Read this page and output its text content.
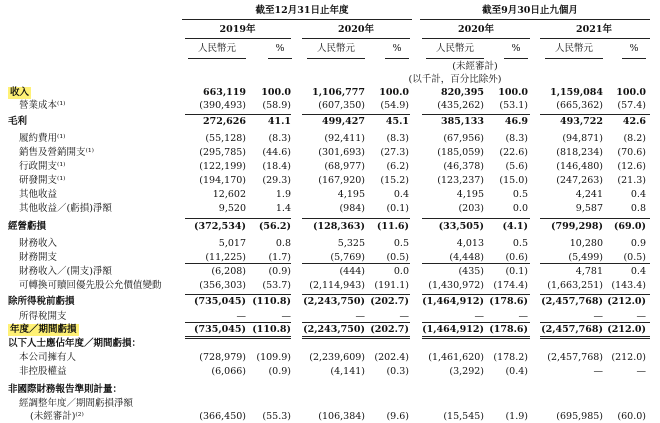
截至12月31日止年度	截至9月30日止九個月
2019年	2020年	2020年	2021年
人民幣元	%	人民幣元	%	人民幣元	%	人民幣元	%
(未經審計)
(以千計，百分比除外)
收入	663,119	100.0	1,106,777	100.0	820,395	100.0	1,159,084	100.0
營業成本⁽¹⁾	(390,493)	(58.9)	(607,350)	(54.9)	(435,262)	(53.1)	(665,362)	(57.4)
毛利	272,626	41.1	499,427	45.1	385,133	46.9	493,722	42.6
履約費用⁽¹⁾	(55,128)	(8.3)	(92,411)	(8.3)	(67,956)	(8.3)	(94,871)	(8.2)
銷售及營銷開支⁽¹⁾	(295,785)	(44.6)	(301,693)	(27.3)	(185,059)	(22.6)	(818,234)	(70.6)
行政開支⁽¹⁾	(122,199)	(18.4)	(68,977)	(6.2)	(46,378)	(5.6)	(146,480)	(12.6)
研發開支⁽¹⁾	(194,170)	(29.3)	(167,920)	(15.2)	(123,237)	(15.0)	(247,263)	(21.3)
其他收益	12,602	1.9	4,195	0.4	4,195	0.5	4,241	0.4
其他收益／(虧損)淨額	9,520	1.4	(984)	(0.1)	(203)	0.0	9,587	0.8
經營虧損	(372,534)	(56.2)	(128,363)	(11.6)	(33,505)	(4.1)	(799,298)	(69.0)
財務收入	5,017	0.8	5,325	0.5	4,013	0.5	10,280	0.9
財務開支	(11,225)	(1.7)	(5,769)	(0.5)	(4,448)	(0.6)	(5,499)	(0.5)
財務收入／(開支)淨額	(6,208)	(0.9)	(444)	0.0	(435)	(0.1)	4,781	0.4
可轉換可贖回優先股公允價值變動	(356,303)	(53.7)	(2,114,943) (191.1)	(1,430,972) (174.4)	(1,663,251) (143.4)
除所得稅前虧損	(735,045) (110.8)	(2,243,750) (202.7)	(1,464,912) (178.6)	(2,457,768) (212.0)
所得稅開支	—	—	—	—	—	—	—	—
年度／期間虧損	(735,045) (110.8)	(2,243,750) (202.7)	(1,464,912) (178.6)	(2,457,768) (212.0)
以下人士應佔年度／期間虧損：
本公司擁有人	(728,979)	(109.9)	(2,239,609) (202.4)	(1,461,620) (178.2)	(2,457,768) (212.0)
非控股權益	(6,066)	(0.9)	(4,141)	(0.3)	(3,292)	(0.4)	—	—
非國際財務報告準則計量：
經調整年度／期間虧損淨額
(未經審計)⁽²⁾	(366,450)	(55.3)	(106,384)	(9.6)	(15,545)	(1.9)	(695,985)	(60.0)
